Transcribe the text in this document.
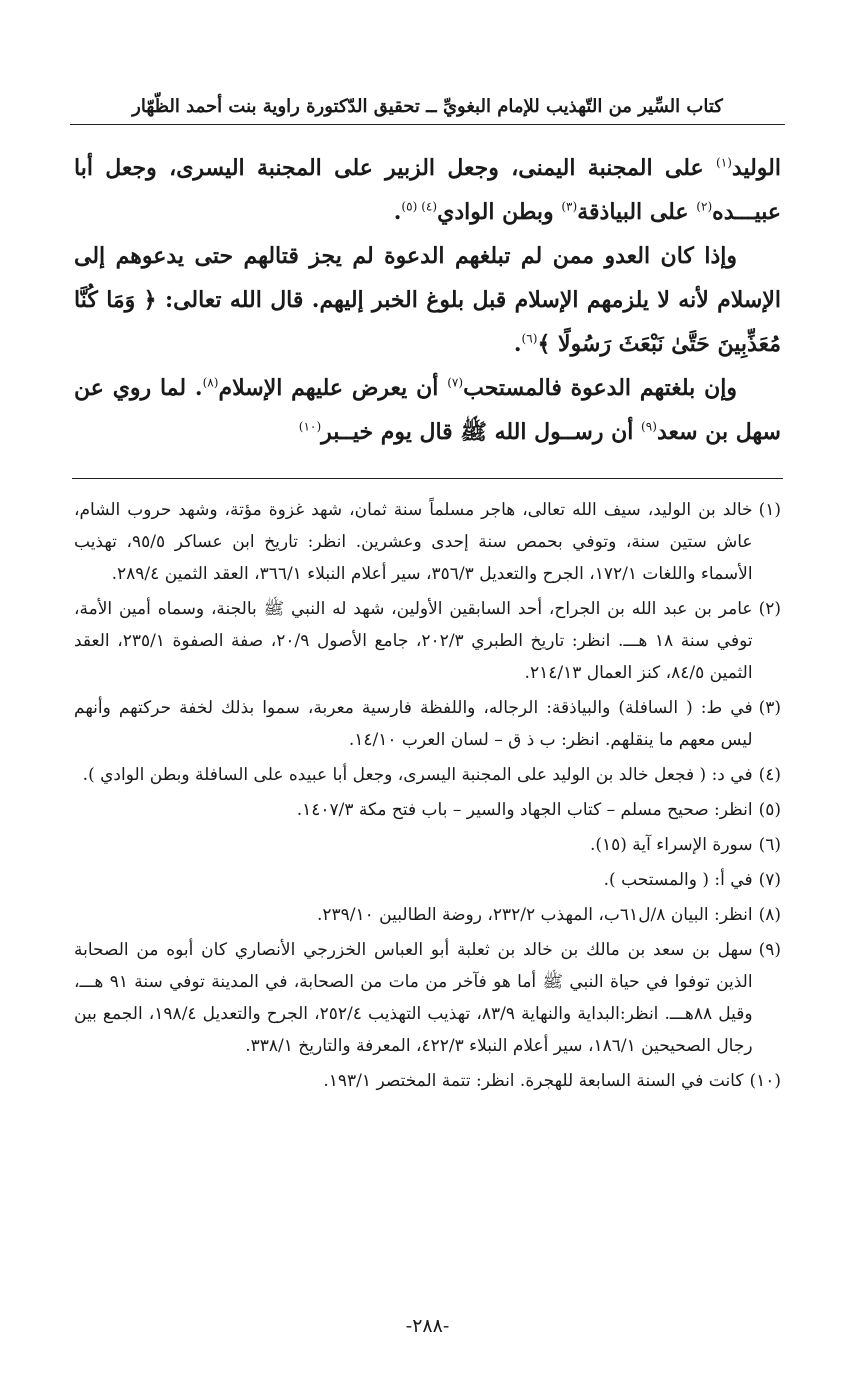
كتاب السِّير من التّهذيب للإمام البغويِّ ــ تحقيق الدّكتورة راوية بنت أحمد الظّهّار

الوليد$^{(١)}$ على المجنبة اليمنى، وجعل الزبير على المجنبة اليسرى، وجعل أبا عبيـــده$^{(٢)}$ على البياذقة$^{(٣)}$ وبطن الوادي$^{(٤)}$ $^{(٥)}$.

وإذا كان العدو ممن لم تبلغهم الدعوة لم يجز قتالهم حتى يدعوهم إلى الإسلام لأنه لا يلزمهم الإسلام قبل بلوغ الخبر إليهم. قال الله تعالى: ﴿ وَمَا كُنَّا مُعَذِّبِينَ حَتَّىٰ نَبْعَثَ رَسُولًا ﴾$^{(٦)}$.

وإن بلغتهم الدعوة فالمستحب$^{(٧)}$ أن يعرض عليهم الإسلام$^{(٨)}$. لما روي عن سهل بن سعد$^{(٩)}$ أن رســول الله ﷺ قال يوم خيــبر$^{(١٠)}$

(١)
خالد بن الوليد، سيف الله تعالى، هاجر مسلماً سنة ثمان، شهد غزوة مؤتة، وشهد حروب الشام، عاش ستين سنة، وتوفي بحمص سنة إحدى وعشرين. انظر: تاريخ ابن عساكر ٩٥/٥، تهذيب الأسماء واللغات ١٧٢/١، الجرح والتعديل ٣٥٦/٣، سير أعلام النبلاء ٣٦٦/١، العقد الثمين ٢٨٩/٤.
(٢)
عامر بن عبد الله بن الجراح، أحد السابقين الأولين، شهد له النبي ﷺ بالجنة، وسماه أمين الأمة، توفي سنة ١٨ هـــ. انظر: تاريخ الطبري ٢٠٢/٣، جامع الأصول ٢٠/٩، صفة الصفوة ٢٣٥/١، العقد الثمين ٨٤/٥، كنز العمال ٢١٤/١٣.
(٣)
في ط: ( السافلة) والبياذقة: الرجاله، واللفظة فارسية معربة، سموا بذلك لخفة حركتهم وأنهم ليس معهم ما ينقلهم. انظر: ب ذ ق – لسان العرب ١٤/١٠.
(٤)
في د: ( فجعل خالد بن الوليد على المجنبة اليسرى، وجعل أبا عبيده على السافلة وبطن الوادي ).
(٥)
انظر: صحيح مسلم – كتاب الجهاد والسير – باب فتح مكة ١٤٠٧/٣.
(٦)
سورة الإسراء آية (١٥).
(٧)
في أ: ( والمستحب ).
(٨)
انظر: البيان ٨/ل٦١ب، المهذب ٢٣٢/٢، روضة الطالبين ٢٣٩/١٠.
(٩)
سهل بن سعد بن مالك بن خالد بن ثعلبة أبو العباس الخزرجي الأنصاري كان أبوه من الصحابة الذين توفوا في حياة النبي ﷺ أما هو فآخر من مات من الصحابة، في المدينة توفي سنة ٩١ هـــ، وقيل ٨٨هـــ. انظر:البداية والنهاية ٨٣/٩، تهذيب التهذيب ٢٥٢/٤، الجرح والتعديل ١٩٨/٤، الجمع بين رجال الصحيحين ١٨٦/١، سير أعلام النبلاء ٤٢٢/٣، المعرفة والتاريخ ٣٣٨/١.
(١٠)
كانت في السنة السابعة للهجرة. انظر: تتمة المختصر ١٩٣/١.
-٢٨٨-
